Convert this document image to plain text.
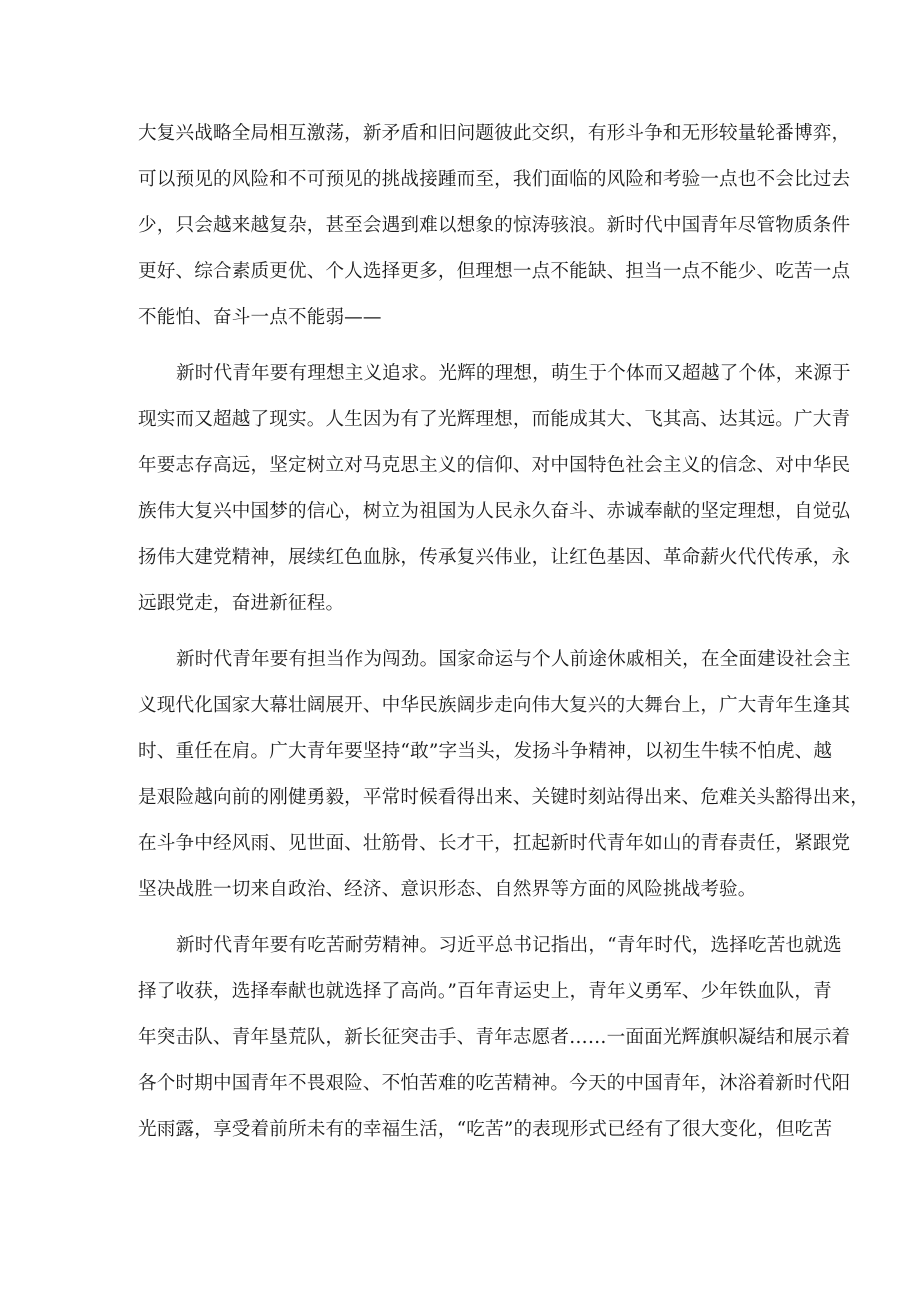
大复兴战略全局相互激荡，新矛盾和旧问题彼此交织，有形斗争和无形较量轮番博弈，
可以预见的风险和不可预见的挑战接踵而至，我们面临的风险和考验一点也不会比过去
少，只会越来越复杂，甚至会遇到难以想象的惊涛骇浪。新时代中国青年尽管物质条件
更好、综合素质更优、个人选择更多，但理想一点不能缺、担当一点不能少、吃苦一点
不能怕、奋斗一点不能弱——
新时代青年要有理想主义追求。光辉的理想，萌生于个体而又超越了个体，来源于
现实而又超越了现实。人生因为有了光辉理想，而能成其大、飞其高、达其远。广大青
年要志存高远，坚定树立对马克思主义的信仰、对中国特色社会主义的信念、对中华民
族伟大复兴中国梦的信心，树立为祖国为人民永久奋斗、赤诚奉献的坚定理想，自觉弘
扬伟大建党精神，展续红色血脉，传承复兴伟业，让红色基因、革命薪火代代传承，永
远跟党走，奋进新征程。
新时代青年要有担当作为闯劲。国家命运与个人前途休戚相关，在全面建设社会主
义现代化国家大幕壮阔展开、中华民族阔步走向伟大复兴的大舞台上，广大青年生逢其
时、重任在肩。广大青年要坚持“敢”字当头，发扬斗争精神，以初生牛犊不怕虎、越
是艰险越向前的刚健勇毅，平常时候看得出来、关键时刻站得出来、危难关头豁得出来，
在斗争中经风雨、见世面、壮筋骨、长才干，扛起新时代青年如山的青春责任，紧跟党
坚决战胜一切来自政治、经济、意识形态、自然界等方面的风险挑战考验。
新时代青年要有吃苦耐劳精神。习近平总书记指出，“青年时代，选择吃苦也就选
择了收获，选择奉献也就选择了高尚。”百年青运史上，青年义勇军、少年铁血队，青
年突击队、青年垦荒队，新长征突击手、青年志愿者……一面面光辉旗帜凝结和展示着
各个时期中国青年不畏艰险、不怕苦难的吃苦精神。今天的中国青年，沐浴着新时代阳
光雨露，享受着前所未有的幸福生活，“吃苦”的表现形式已经有了很大变化，但吃苦
